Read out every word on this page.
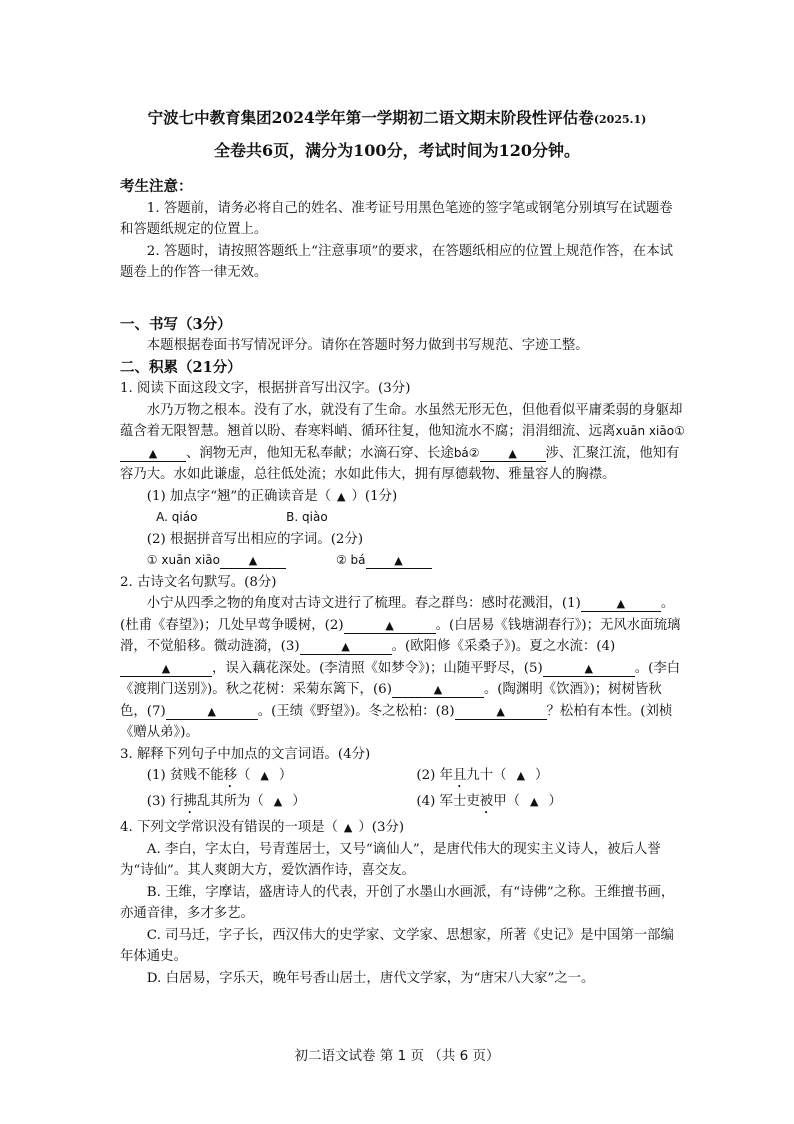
宁波七中教育集团2024学年第一学期初二语文期末阶段性评估卷(2025.1)
全卷共6页，满分为100分，考试时间为120分钟。

考生注意：

1. 答题前，请务必将自己的姓名、准考证号用黑色笔迹的签字笔或钢笔分别填写在试题卷和答题纸规定的位置上。

2. 答题时，请按照答题纸上“注意事项”的要求，在答题纸相应的位置上规范作答，在本试题卷上的作答一律无效。

一、书写（3分）

本题根据卷面书写情况评分。请你在答题时努力做到书写规范、字迹工整。

二、积累（21分）

1. 阅读下面这段文字，根据拼音写出汉字。(3分)

水乃万物之根本。没有了水，就没有了生命。水虽然无形无色，但他看似平庸柔弱的身躯却蕴含着无限智慧。翘首以盼、春寒料峭、循环往复，他知流水不腐；涓涓细流、远离xuān xiāo①▲ 、润物无声，他知无私奉献；水滴石穿、长途bá②	▲ 涉、汇聚江流，他知有容乃大。水如此谦虚，总往低处流；水如此伟大，拥有厚德载物、雅量容人的胸襟。

(1) 加点字“翘”的正确读音是（ ▲ ）(1分)

A. qiáo	B. qiào

(2) 根据拼音写出相应的字词。(2分)

① xuān xiāo	▲	② bá	▲

2. 古诗文名句默写。(8分)

小宁从四季之物的角度对古诗文进行了梳理。春之群鸟：感时花溅泪，(1)	▲	。(杜甫《春望》)；几处早莺争暖树，(2)	▲	。(白居易《钱塘湖春行》)；无风水面琉璃滑，不觉船移。微动涟漪，(3)	▲	。(欧阳修《采桑子》)。夏之水流：(4)▲	，误入藕花深处。(李清照《如梦令》)；山随平野尽，(5)	▲	。(李白《渡荆门送别》)。秋之花树：采菊东篱下，(6)	▲	。(陶渊明《饮酒》)；树树皆秋色，(7)	▲	。(王绩《野望》)。冬之松柏：(8)	▲	？松柏有本性。(刘桢《赠从弟》)。

3. 解释下列句子中加点的文言词语。(4分)

(1) 贫贱不能移（ ▲ ）	(2) 年且九十（ ▲ ）
(3) 行拂乱其所为（ ▲ ）	(4) 军士吏被甲（ ▲ ）

4. 下列文学常识没有错误的一项是（ ▲ ）(3分)

A. 李白，字太白，号青莲居士，又号“谪仙人”，是唐代伟大的现实主义诗人，被后人誉为“诗仙”。其人爽朗大方，爱饮酒作诗，喜交友。

B. 王维，字摩诘，盛唐诗人的代表，开创了水墨山水画派，有“诗佛”之称。王维擅书画，亦通音律，多才多艺。

C. 司马迁，字子长，西汉伟大的史学家、文学家、思想家，所著《史记》是中国第一部编年体通史。

D. 白居易，字乐天，晚年号香山居士，唐代文学家，为“唐宋八大家”之一。

初二语文试卷 第 1 页 （共 6 页）
